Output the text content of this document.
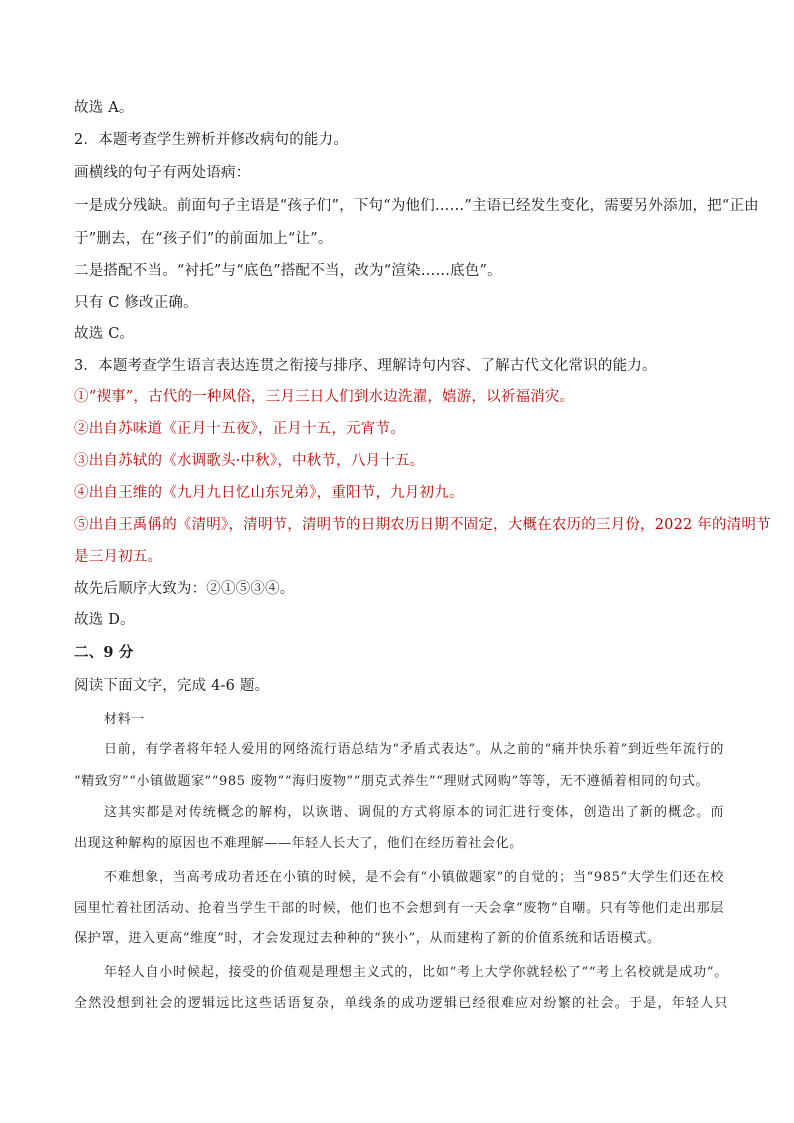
故选 A。
2．本题考查学生辨析并修改病句的能力。
画横线的句子有两处语病：
一是成分残缺。前面句子主语是“孩子们”，下句“为他们……”主语已经发生变化，需要另外添加，把“正由
于”删去，在“孩子们”的前面加上“让”。
二是搭配不当。“衬托”与“底色”搭配不当，改为“渲染……底色”。
只有 C 修改正确。
故选 C。
3．本题考查学生语言表达连贯之衔接与排序、理解诗句内容、了解古代文化常识的能力。
①“禊事”，古代的一种风俗，三月三日人们到水边洗濯，嬉游，以祈福消灾。
②出自苏味道《正月十五夜》，正月十五，元宵节。
③出自苏轼的《水调歌头·中秋》，中秋节，八月十五。
④出自王维的《九月九日忆山东兄弟》，重阳节，九月初九。
⑤出自王禹偁的《清明》，清明节，清明节的日期农历日期不固定，大概在农历的三月份，2022 年的清明节
是三月初五。
故先后顺序大致为：②①⑤③④。
故选 D。
二、9 分
阅读下面文字，完成 4-6 题。
材料一
日前，有学者将年轻人爱用的网络流行语总结为“矛盾式表达”。从之前的“痛并快乐着”到近些年流行的
“精致穷”“小镇做题家”“985 废物”“海归废物”“朋克式养生”“理财式网购”等等，无不遵循着相同的句式。
这其实都是对传统概念的解构，以诙谐、调侃的方式将原本的词汇进行变体，创造出了新的概念。而
出现这种解构的原因也不难理解——年轻人长大了，他们在经历着社会化。
不难想象，当高考成功者还在小镇的时候，是不会有“小镇做题家”的自觉的；当“985”大学生们还在校
园里忙着社团活动、抢着当学生干部的时候，他们也不会想到有一天会拿“废物”自嘲。只有等他们走出那层
保护罩，进入更高“维度”时，才会发现过去种种的“狭小”，从而建构了新的价值系统和话语模式。
年轻人自小时候起，接受的价值观是理想主义式的，比如“考上大学你就轻松了”“考上名校就是成功”。
全然没想到社会的逻辑远比这些话语复杂，单线条的成功逻辑已经很难应对纷繁的社会。于是，年轻人只
